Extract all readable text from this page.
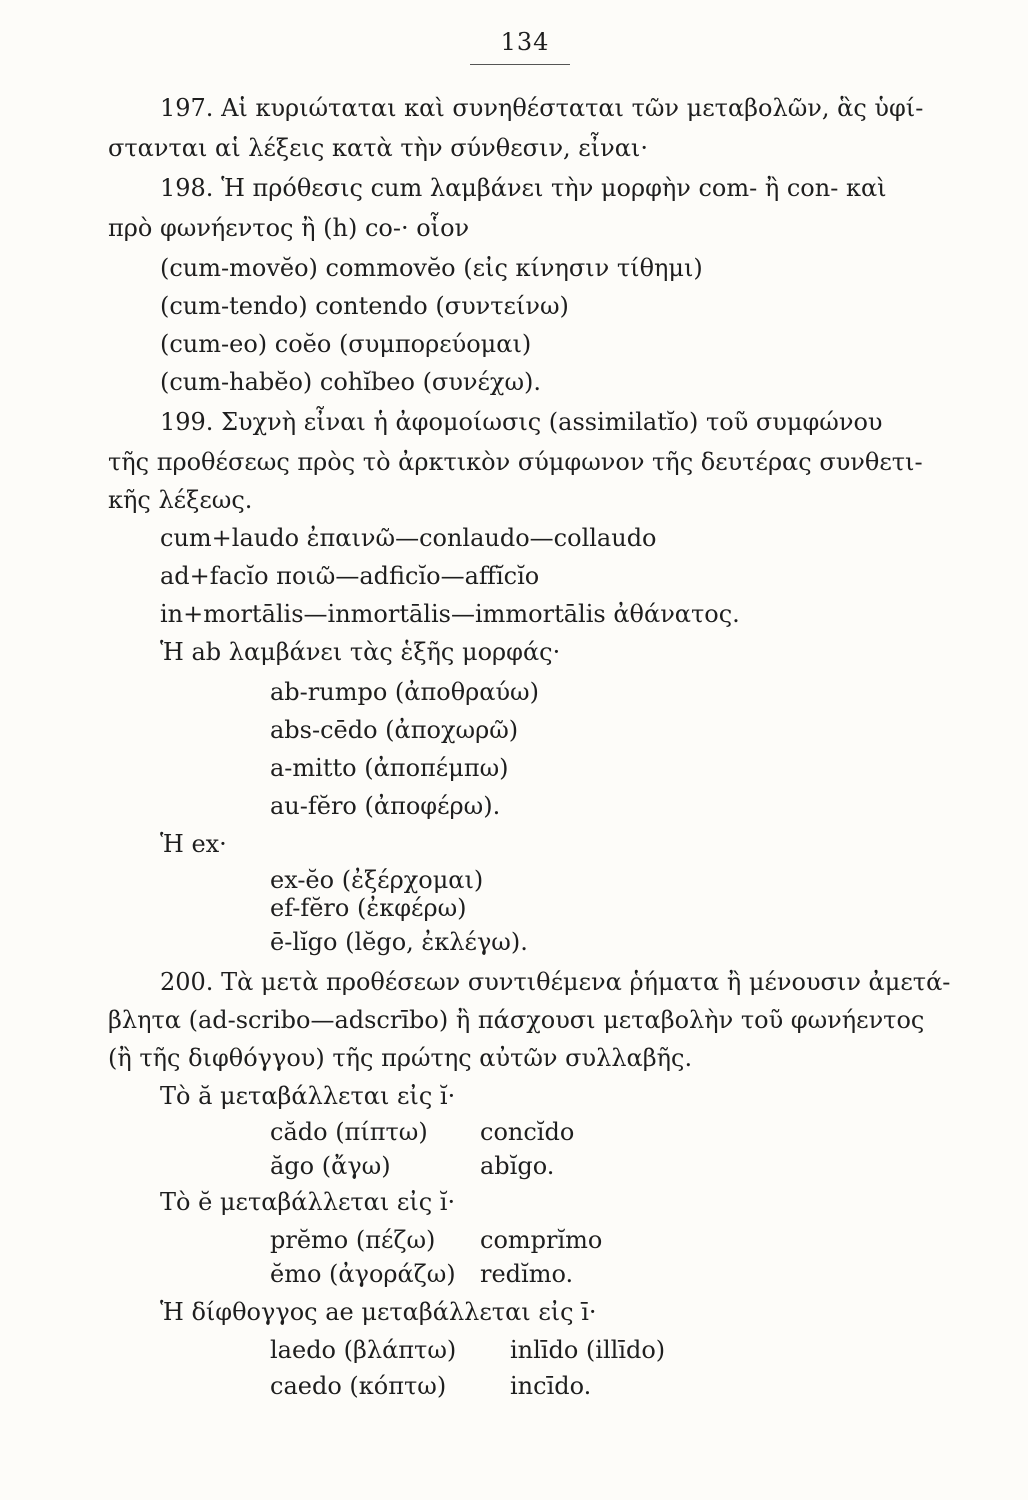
134
197. Αἱ κυριώταται καὶ συνηθέσταται τῶν μεταβολῶν, ἃς ὑφί-
στανται αἱ λέξεις κατὰ τὴν σύνθεσιν, εἶναι·
198. Ἡ πρόθεσις cum λαμβάνει τὴν μορφὴν com- ἢ con- καὶ
πρὸ φωνήεντος ἢ (h) co-· οἷον
(cum-movĕo) commovĕo (εἰς κίνησιν τίθημι)
(cum-tendo) contendo (συντείνω)
(cum-eo) coĕo (συμπορεύομαι)
(cum-habĕo) cohĭbeo (συνέχω).
199. Συχνὴ εἶναι ἡ ἀφομοίωσις (assimilatĭo) τοῦ συμφώνου
τῆς προθέσεως πρὸς τὸ ἀρκτικὸν σύμφωνον τῆς δευτέρας συνθετι-
κῆς λέξεως.
cum+laudo ἐπαινῶ—conlaudo—collaudo
ad+facĭo ποιῶ—adficĭo—affĭcĭo
in+mortālis—inmortālis—immortālis ἀθάνατος.
Ἡ ab λαμβάνει τὰς ἑξῆς μορφάς·
ab-rumpo (ἀποθραύω)
abs-cēdo (ἀποχωρῶ)
a-mitto (ἀποπέμπω)
au-fĕro (ἀποφέρω).
Ἡ ex·
ex-ĕo (ἐξέρχομαι)
ef-fĕro (ἐκφέρω)
ē-lĭgo (lĕgo, ἐκλέγω).
200. Τὰ μετὰ προθέσεων συντιθέμενα ῥήματα ἢ μένουσιν ἀμετά-
βλητα (ad-scribo—adscrībo) ἢ πάσχουσι μεταβολὴν τοῦ φωνήεντος
(ἢ τῆς διφθόγγου) τῆς πρώτης αὐτῶν συλλαβῆς.
Τὸ ă μεταβάλλεται εἰς ĭ·
cădo (πίπτω) concĭdo
ăgo (ἄγω)	abĭgo.
Τὸ ĕ μεταβάλλεται εἰς ĭ·
prĕmo (πέζω) comprĭmo
ĕmo (ἀγοράζω) redĭmo.
Ἡ δίφθογγος ae μεταβάλλεται εἰς ī·
laedo (βλάπτω) inlīdo (illīdo)
caedo (κόπτω)	incīdo.
